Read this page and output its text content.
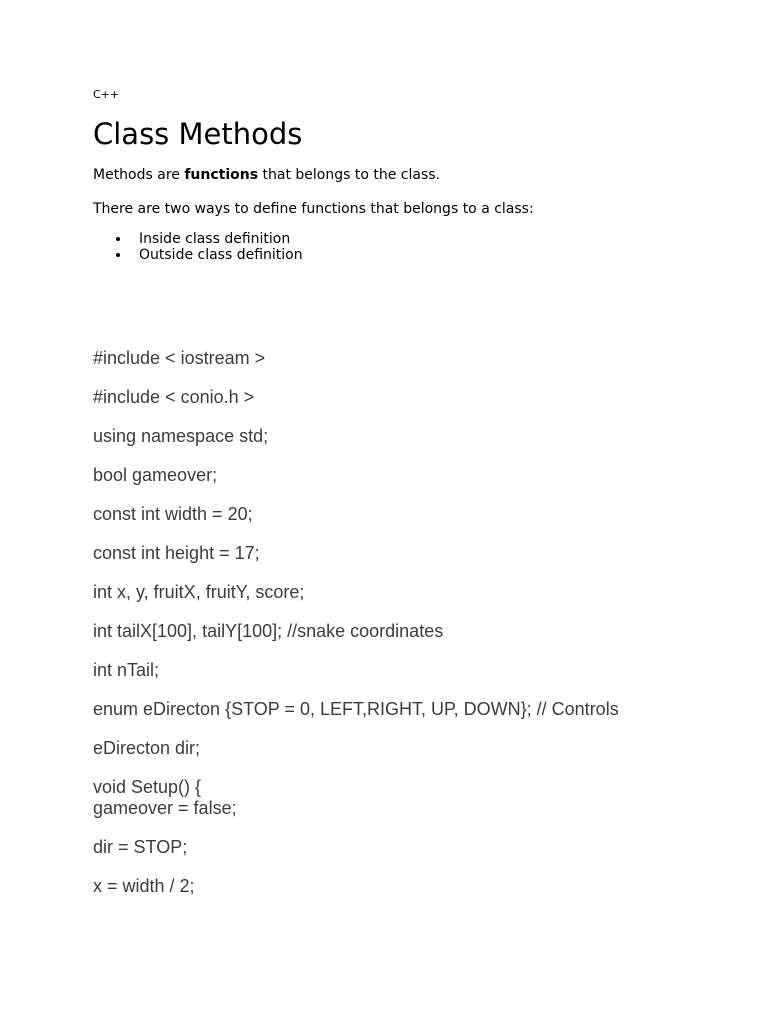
C++

Class Methods

Methods are functions that belongs to the class.

There are two ways to define functions that belongs to a class:

Inside class definition
Outside class definition
#include < iostream >
#include < conio.h >
using namespace std;
bool gameover;
const int width = 20;
const int height = 17;
int x, y, fruitX, fruitY, score;
int tailX[100], tailY[100]; //snake coordinates
int nTail;
enum eDirecton {STOP = 0, LEFT,RIGHT, UP, DOWN}; // Controls
eDirecton dir;
void Setup() {
gameover = false;
dir = STOP;
x = width / 2;
